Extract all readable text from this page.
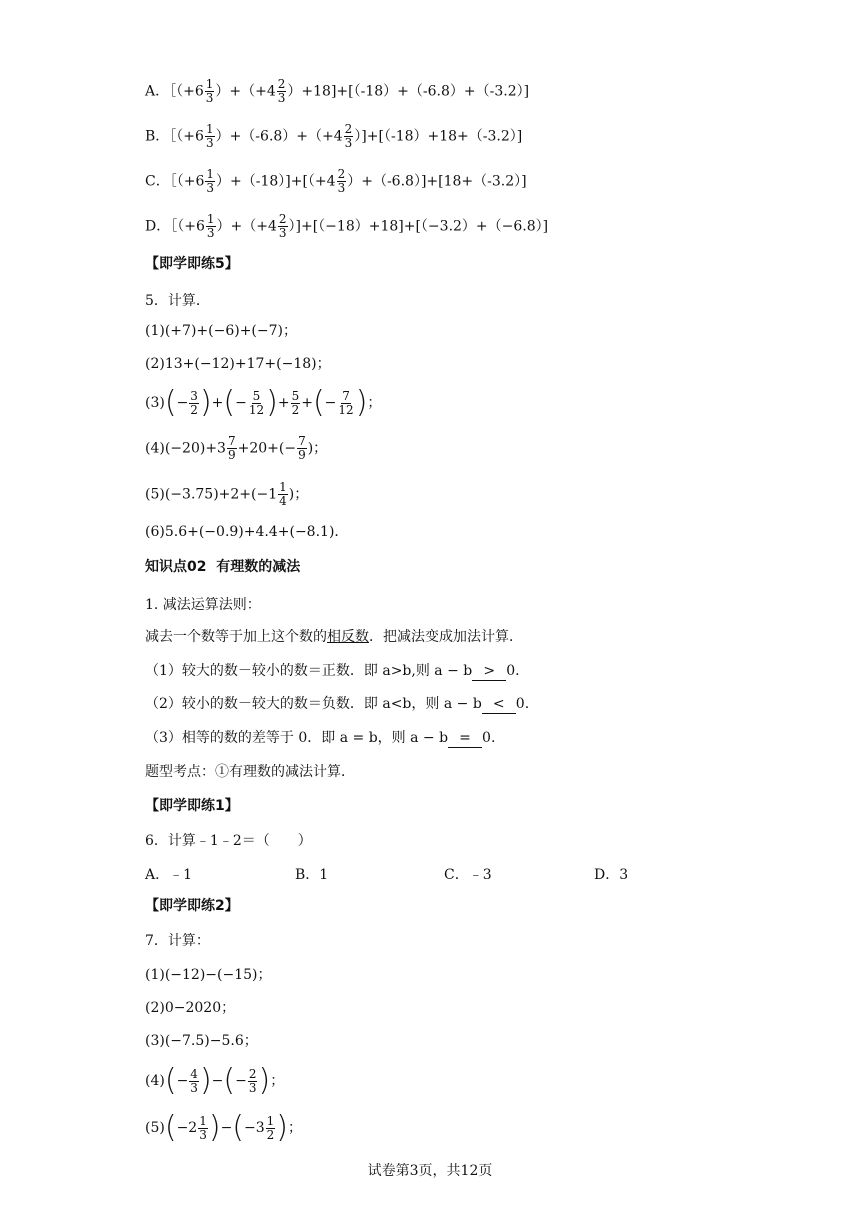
A．［（+6 $\frac{1}{3} )+(+4 \frac{2}{3} )+18]+[(-18)+(-6.8)+(-3.2)]$
B．［（+6 $\frac{1}{3} )+(-6.8)+(+4 \frac{2}{3} )]+[(-18)+18+(-3.2)]$
C．［（+6 $\frac{1}{3} )+(-18)]+[(+4 \frac{2}{3} )+(-6.8)]+[18+(-3.2)]$
D．［（+6 $\frac{1}{3} )+(+4 \frac{2}{3} )]+[(-18)+18]+[(-3.2)+(-6.8)]$
【即学即练5】
5．计算．
(1)(+7)+(−6)+(−7)；
(2)13+(−12)+17+(−18)；
$(3)(- \frac{3}{2}$ )+(− $\frac{5}{12}$ )+ $\frac{5}{2}$ +(− $\frac{7}{12}$ )；
$(4)(-20)+3 \frac{7}{9} +20+(- \frac{7}{9}$ )；
$(5)(-3.75)+2+(-1 \frac{1}{4}$ )；
(6)5.6+(−0.9)+4.4+(−8.1)．
知识点02 有理数的减法
1. 减法运算法则：
减去一个数等于加上这个数的相反数．把减法变成加法计算．
（1）较大的数－较小的数＝正数．即 a>b,则 a − b > 0.
（2）较小的数－较大的数＝负数．即 a<b，则 a − b < 0.
（3）相等的数的差等于 0．即 a = b，则 a − b = 0.
题型考点：①有理数的减法计算．
【即学即练1】
6．计算﹣1﹣2＝（　　）
A．﹣1	B．1	C．﹣3	D．3
【即学即练2】
7．计算：
(1)(−12)−(−15)；
(2)0−2020；
(3)(−7.5)−5.6；
$(4)(- \frac{4}{3}$ )−(− $\frac{2}{3}$ )；
$(5)(-2 \frac{1}{3} )-(-3 \frac{1}{2}$ )；
试卷第3页，共12页
